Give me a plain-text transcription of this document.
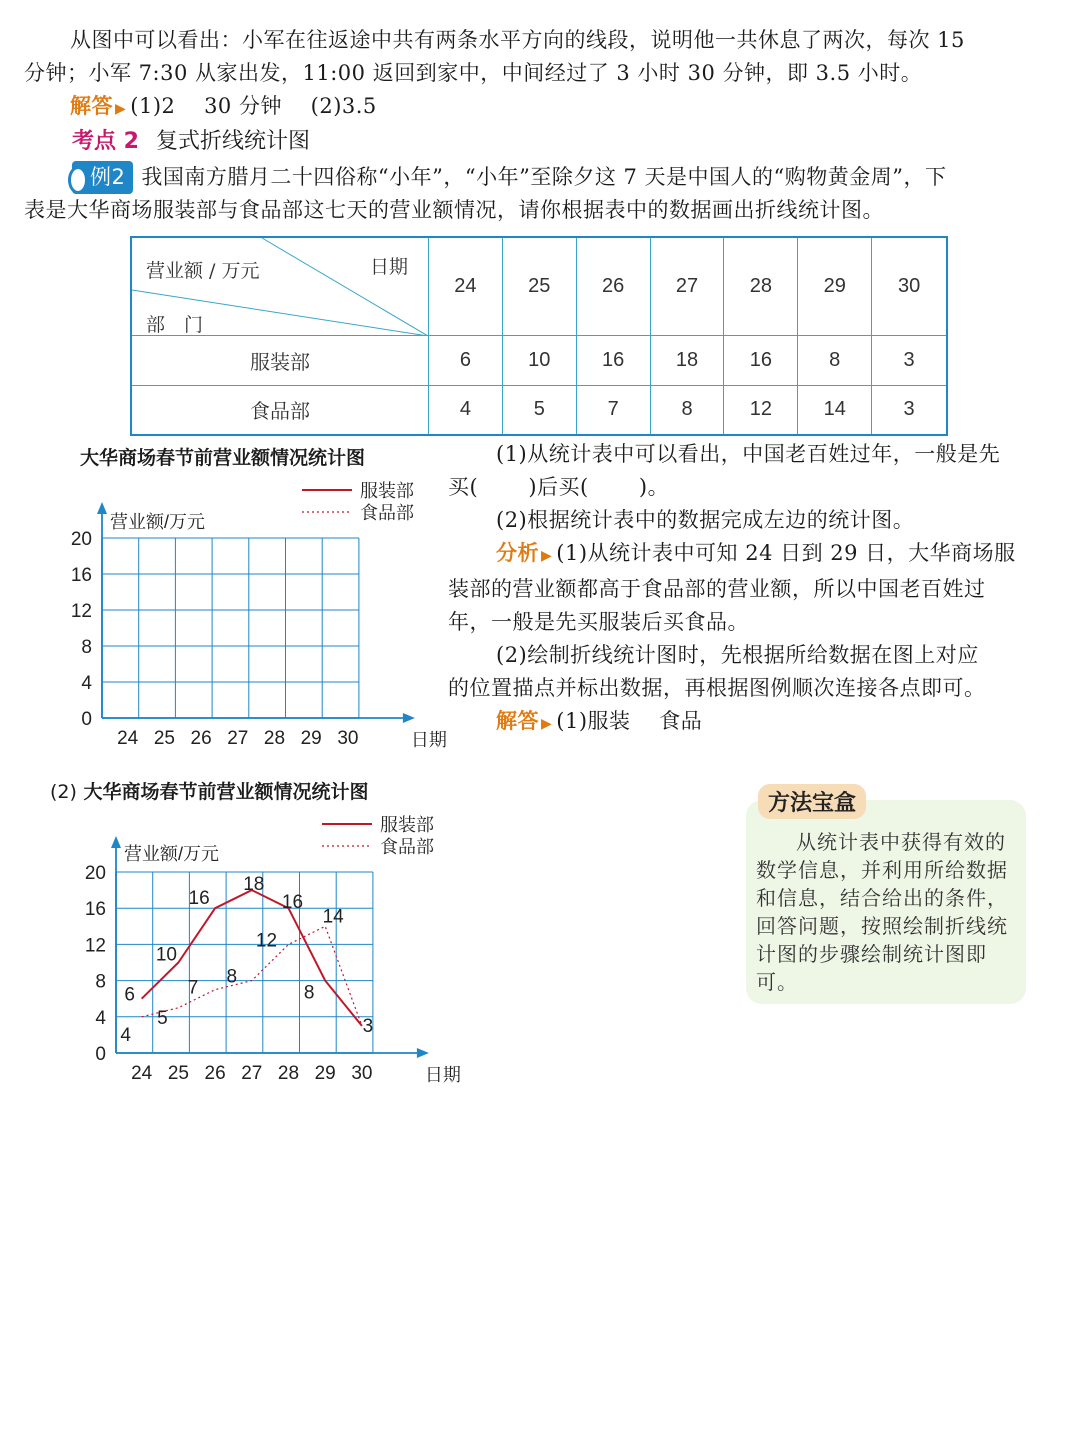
从图中可以看出：小军在往返途中共有两条水平方向的线段，说明他一共休息了两次，每次 15

分钟；小军 7:30 从家出发，11:00 返回到家中，中间经过了 3 小时 30 分钟，即 3.5 小时。

解答 ▶ (1)2　 30 分钟　 (2)3.5

考点 2 复式折线统计图

例2 我国南方腊月二十四俗称“小年”，“小年”至除夕这 7 天是中国人的“购物黄金周”，下

表是大华商场服装部与食品部这七天的营业额情况，请你根据表中的数据画出折线统计图。

营业额 / 万元 日期
部　门	24	25	26	27	28	29	30
服装部	6	10	16	18	16	8	3
食品部	4	5	7	8	12	14	3
大华商场春节前营业额情况统计图
0
4
8
12
16
20
24 25 26 27 28 29 30	日期
营业额/万元
服装部
食品部

(1)从统计表中可以看出，中国老百姓过年，一般是先

买(　　 )后买(　　 )。

(2)根据统计表中的数据完成左边的统计图。

分析 ▶ (1)从统计表中可知 24 日到 29 日，大华商场服

装部的营业额都高于食品部的营业额，所以中国老百姓过

年，一般是先买服装后买食品。

(2)绘制折线统计图时，先根据所给数据在图上对应

的位置描点并标出数据，再根据图例顺次连接各点即可。

解答 ▶ (1)服装　 食品

(2) 大华商场春节前营业额情况统计图
0
4
8
12
16
20
24 25 26 27 28 29 30	日期
营业额/万元
服装部
食品部
6
10
16
18
16
8
3
4
5
7
8
12
14
方法宝盒
从统计表中获得有效的数学信息，并利用所给数据和信息，结合给出的条件，回答问题，按照绘制折线统计图的步骤绘制统计图即可。
